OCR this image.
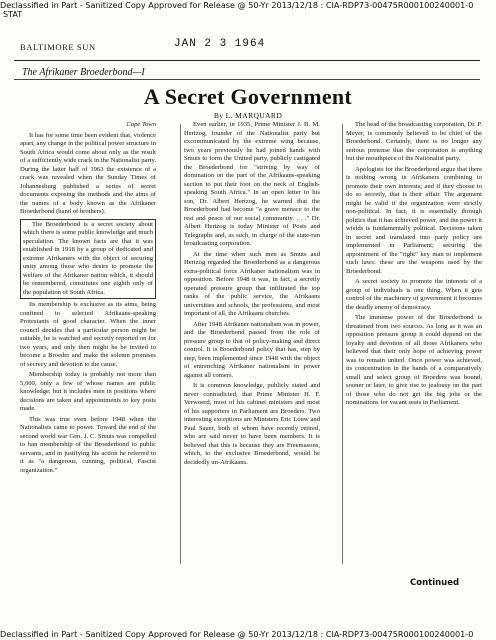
Declassified in Part - Sanitized Copy Approved for Release @ 50-Yr 2013/12/18 : CIA-RDP73-00475R000100240001-0
STAT
BALTIMORE SUN	JAN 2 3 1964
The Afrikaner Broederbond—I
A Secret Government
By L. MARQUARD

Cape Town

It has for some time been evident that, violence apart, any change in the political power structure in South Africa would come about only as the result of a sufficiently wide crack in the Nationalist party. During the latter half of 1963 the existence of a crack was revealed when the Sunday Times of Johannesburg published a series of secret documents exposing the methods and the aims of the names of a body known as the Afrikaner Broederbond (band of brothers).

The Broederbond is a secret society about which there is some public knowledge and much speculation. The known facts are that it was established in 1918 by a group of dedicated and extreme Afrikaners with the object of securing unity among those who desire to promote the welfare of the Afrikaner nation which, it should be remembered, constitutes one eighth only of the population of South Africa.

Its membership is exclusive as its aims, being confined to selected Afrikaans-speaking Protestants of good character. When the inner council decides that a particular person might be suitable, he is watched and secretly reported on for two years, and only then might he be invited to become a Broeder and make the solemn promises of secrecy and devotion to the cause.

Membership today is probably not more than 5,000, only a few of whose names are public knowledge; but it includes men in positions where decisions are taken and appointments to key posts made.

This was true even before 1948 when the Nationalists came to power. Toward the end of the second world war Gen. J. C. Smuts was compelled to ban membership of the Broederbond to public servants, and in justifying his action he referred to it as "a dangerous, cunning, political, Fascist organization."

Even earlier, in 1935, Prime Minister J. B. M. Hertzog, founder of the Nationalist party but excommunicated by the extreme wing because, two years previously he had joined hands with Smuts to form the United party, publicly castigated the Broederbond for "striving by way of domination on the part of the Afrikaans-speaking section to put their foot on the neck of English-speaking South Africa." In an open letter to his son, Dr. Albert Hertzog, he warned that the Broederbond had become "a grave menace to the rest and peace of our social community. . . ." Dr. Albert Hertzog is today Minister of Posts and Telegraphs and, as such, in charge of the state-run broadcasting corporation.

At the time when such men as Smuts and Hertzog regarded the Broederbond as a dangerous extra-political force Afrikaner nationalism was in opposition. Before 1948 it was, in fact, a secretly operated pressure group that infiltrated the top ranks of the public service, the Afrikaans universities and schools, the professions, and most important of all, the Afrikaans churches.

After 1948 Afrikaner nationalism was in power, and the Broederbond passed from the role of pressure group to that of policy-making and direct control. It is Broederbond policy that has, step by step, been implemented since 1948 with the object of entrenching Afrikaner nationalism in power against all comers.

It is common knowledge, publicly stated and never contradicted, that Prime Minister H. F. Verwoerd, most of his cabinet ministers and most of his supporters in Parliament are Broeders. Two interesting exceptions are Ministers Eric Louw and Paul Sauer, both of whom have recently retired, who are said never to have been members. It is believed that this is because they are Freemasons, which, to the exclusive Broederbond, would be decidedly un-Afrikaans.

The head of the broadcasting corporation, Dr. P. Meyer, is commonly believed to be chief of the Broederbond. Certainly, there is no longer any serious pretense that the corporation is anything but the mouthpiece of the Nationalist party.

Apologists for the Broederbond argue that there is nothing wrong in Afrikaners combining to promote their own interests; and if they choose to do so secretly, that is their affair. The argument might be valid if the organization were strictly non-political. In fact, it is essentially through politics that it has achieved power, and the power it wields is fundamentally political. Decisions taken in secret and translated into party policy are implemented in Parliament; securing the appointment of the "right" key man to implement such laws: these are the weapons used by the Broederbond.

A secret society to promote the interests of a group of individuals is one thing. When it gets control of the machinery of government it becomes the deadly enemy of democracy.

The immense power of the Broederbond is threatened from two sources. As long as it was an opposition pressure group it could depend on the loyalty and devotion of all those Afrikaners who believed that their only hope of achieving power was to remain united. Once power was achieved, its concentration in the hands of a comparatively small and select group of Broeders was bound, sooner or later, to give rise to jealousy on the part of those who do not get the big jobs or the nominations for vacant seats in Parliament.

Continued
Declassified in Part - Sanitized Copy Approved for Release @ 50-Yr 2013/12/18 : CIA-RDP73-00475R000100240001-0
